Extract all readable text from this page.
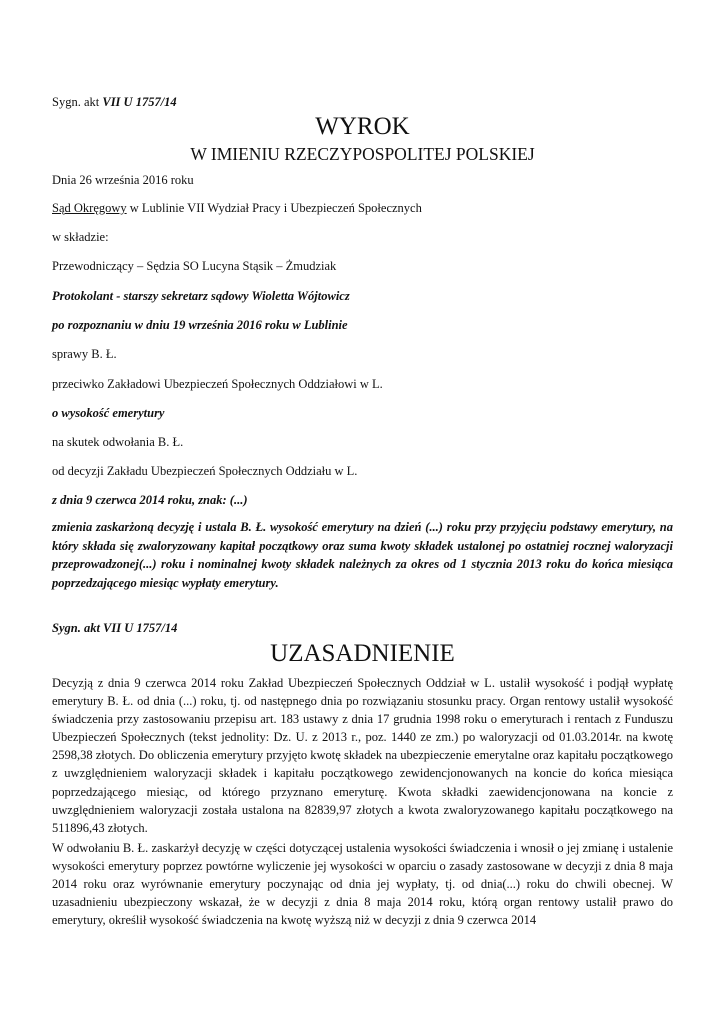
Sygn. akt VII U 1757/14
WYROK
W IMIENIU RZECZYPOSPOLITEJ POLSKIEJ
Dnia 26 września 2016 roku
Sąd Okręgowy w Lublinie VII Wydział Pracy i Ubezpieczeń Społecznych
w składzie:
Przewodniczący – Sędzia SO Lucyna Stąsik – Żmudziak
Protokolant - starszy sekretarz sądowy Wioletta Wójtowicz
po rozpoznaniu w dniu 19 września 2016 roku w Lublinie
sprawy B. Ł.
przeciwko Zakładowi Ubezpieczeń Społecznych Oddziałowi w L.
o wysokość emerytury
na skutek odwołania B. Ł.
od decyzji Zakładu Ubezpieczeń Społecznych Oddziału w L.
z dnia 9 czerwca 2014 roku, znak: (...)
zmienia zaskarżoną decyzję i ustala B. Ł. wysokość emerytury na dzień (...) roku przy przyjęciu podstawy emerytury, na który składa się zwaloryzowany kapitał początkowy oraz suma kwoty składek ustalonej po ostatniej rocznej waloryzacji przeprowadzonej(...) roku i nominalnej kwoty składek należnych za okres od 1 stycznia 2013 roku do końca miesiąca poprzedzającego miesiąc wypłaty emerytury.
Sygn. akt VII U 1757/14
UZASADNIENIE
Decyzją z dnia 9 czerwca 2014 roku Zakład Ubezpieczeń Społecznych Oddział w L. ustalił wysokość i podjął wypłatę emerytury B. Ł. od dnia (...) roku, tj. od następnego dnia po rozwiązaniu stosunku pracy. Organ rentowy ustalił wysokość świadczenia przy zastosowaniu przepisu art. 183 ustawy z dnia 17 grudnia 1998 roku o emeryturach i rentach z Funduszu Ubezpieczeń Społecznych (tekst jednolity: Dz. U. z 2013 r., poz. 1440 ze zm.) po waloryzacji od 01.03.2014r. na kwotę 2598,38 złotych. Do obliczenia emerytury przyjęto kwotę składek na ubezpieczenie emerytalne oraz kapitału początkowego z uwzględnieniem waloryzacji składek i kapitału początkowego zewidencjonowanych na koncie do końca miesiąca poprzedzającego miesiąc, od którego przyznano emeryturę. Kwota składki zaewidencjonowana na koncie z uwzględnieniem waloryzacji została ustalona na 82839,97 złotych a kwota zwaloryzowanego kapitału początkowego na 511896,43 złotych.
W odwołaniu B. Ł. zaskarżył decyzję w części dotyczącej ustalenia wysokości świadczenia i wnosił o jej zmianę i ustalenie wysokości emerytury poprzez powtórne wyliczenie jej wysokości w oparciu o zasady zastosowane w decyzji z dnia 8 maja 2014 roku oraz wyrównanie emerytury poczynając od dnia jej wypłaty, tj. od dnia(...) roku do chwili obecnej. W uzasadnieniu ubezpieczony wskazał, że w decyzji z dnia 8 maja 2014 roku, którą organ rentowy ustalił prawo do emerytury, określił wysokość świadczenia na kwotę wyższą niż w decyzji z dnia 9 czerwca 2014
